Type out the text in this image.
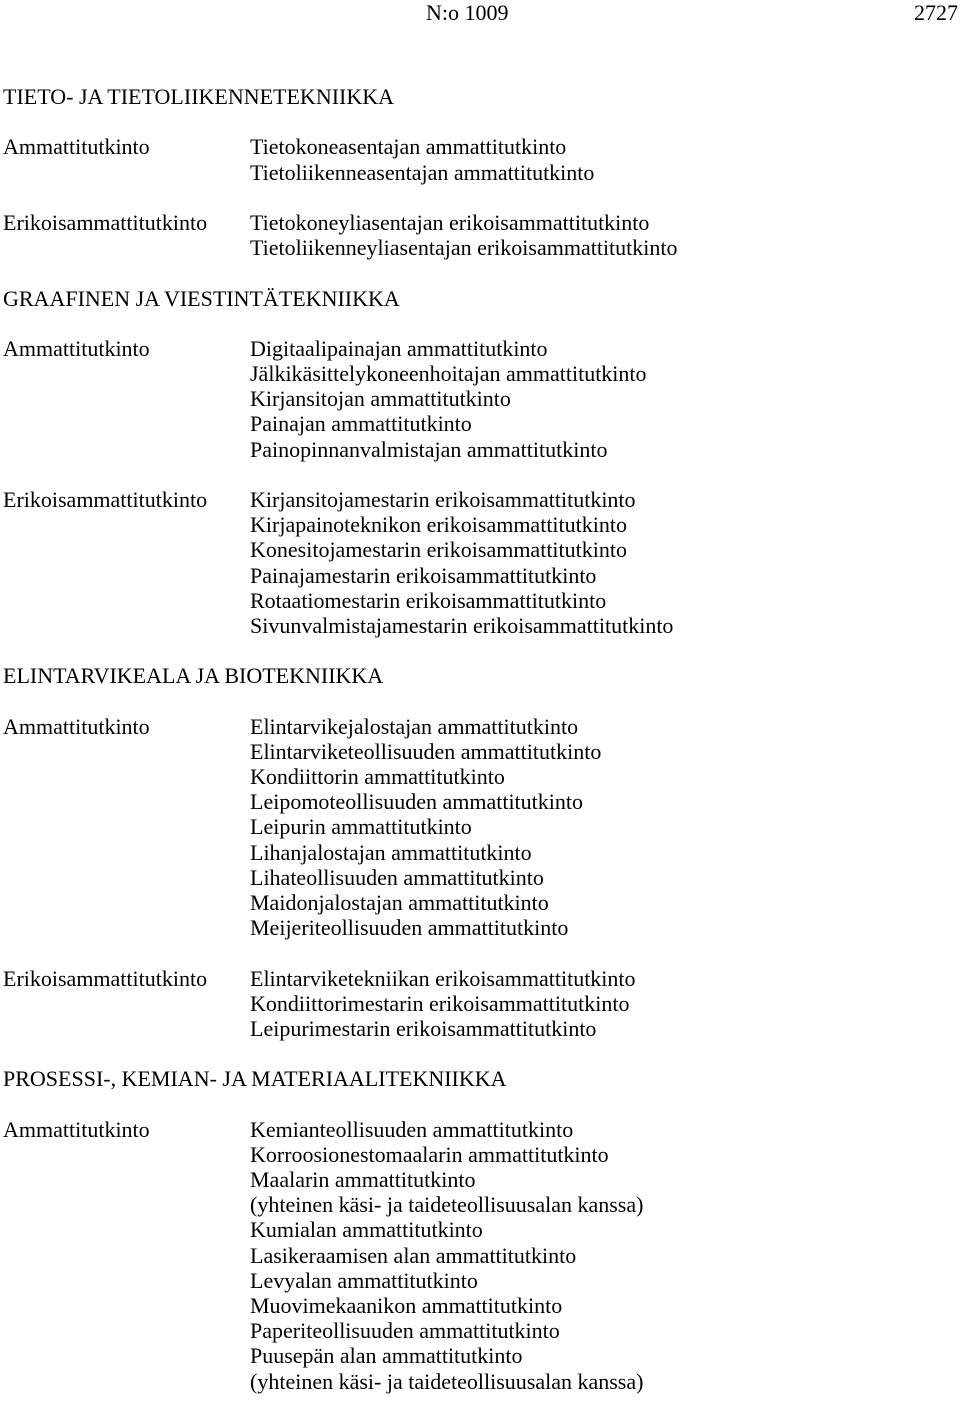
N:o 1009	2727
TIETO- JA TIETOLIIKENNETEKNIIKKA
Ammattitutkinto	Tietokoneasentajan ammattitutkinto
Tietoliikenneasentajan ammattitutkinto
Erikoisammattitutkinto Tietokoneyliasentajan erikoisammattitutkinto
Tietoliikenneyliasentajan erikoisammattitutkinto
GRAAFINEN JA VIESTINTÄTEKNIIKKA
Ammattitutkinto	Digitaalipainajan ammattitutkinto
Jälkikäsittelykoneenhoitajan ammattitutkinto
Kirjansitojan ammattitutkinto
Painajan ammattitutkinto
Painopinnanvalmistajan ammattitutkinto
Erikoisammattitutkinto Kirjansitojamestarin erikoisammattitutkinto
Kirjapainoteknikon erikoisammattitutkinto
Konesitojamestarin erikoisammattitutkinto
Painajamestarin erikoisammattitutkinto
Rotaatiomestarin erikoisammattitutkinto
Sivunvalmistajamestarin erikoisammattitutkinto
ELINTARVIKEALA JA BIOTEKNIIKKA
Ammattitutkinto	Elintarvikejalostajan ammattitutkinto
Elintarviketeollisuuden ammattitutkinto
Kondiittorin ammattitutkinto
Leipomoteollisuuden ammattitutkinto
Leipurin ammattitutkinto
Lihanjalostajan ammattitutkinto
Lihateollisuuden ammattitutkinto
Maidonjalostajan ammattitutkinto
Meijeriteollisuuden ammattitutkinto
Erikoisammattitutkinto Elintarviketekniikan erikoisammattitutkinto
Kondiittorimestarin erikoisammattitutkinto
Leipurimestarin erikoisammattitutkinto
PROSESSI-, KEMIAN- JA MATERIAALITEKNIIKKA
Ammattitutkinto	Kemianteollisuuden ammattitutkinto
Korroosionestomaalarin ammattitutkinto
Maalarin ammattitutkinto
(yhteinen käsi- ja taideteollisuusalan kanssa)
Kumialan ammattitutkinto
Lasikeraamisen alan ammattitutkinto
Levyalan ammattitutkinto
Muovimekaanikon ammattitutkinto
Paperiteollisuuden ammattitutkinto
Puusepän alan ammattitutkinto
(yhteinen käsi- ja taideteollisuusalan kanssa)
